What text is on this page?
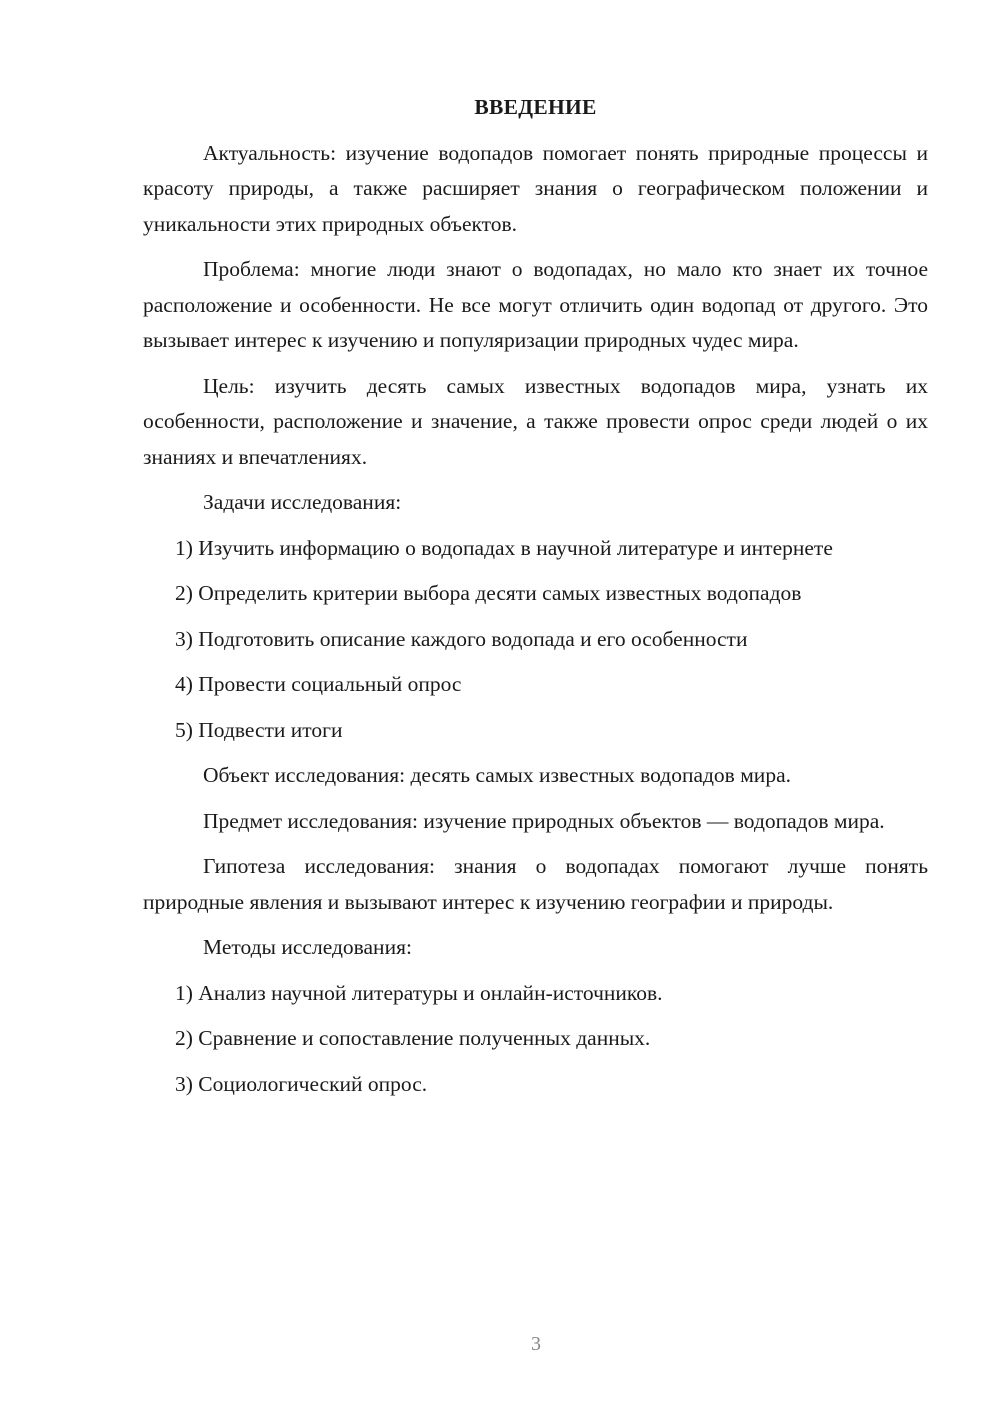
ВВЕДЕНИЕ

Актуальность: изучение водопадов помогает понять природные процессы и красоту природы, а также расширяет знания о географическом положении и уникальности этих природных объектов.

Проблема: многие люди знают о водопадах, но мало кто знает их точное расположение и особенности. Не все могут отличить один водопад от другого. Это вызывает интерес к изучению и популяризации природных чудес мира.

Цель: изучить десять самых известных водопадов мира, узнать их особенности, расположение и значение, а также провести опрос среди людей о их знаниях и впечатлениях.

Задачи исследования:

1) Изучить информацию о водопадах в научной литературе и интернете

2) Определить критерии выбора десяти самых известных водопадов

3) Подготовить описание каждого водопада и его особенности

4) Провести социальный опрос

5) Подвести итоги

Объект исследования: десять самых известных водопадов мира.

Предмет исследования: изучение природных объектов — водопадов мира.

Гипотеза исследования: знания о водопадах помогают лучше понять природные явления и вызывают интерес к изучению географии и природы.

Методы исследования:

1) Анализ научной литературы и онлайн-источников.

2) Сравнение и сопоставление полученных данных.

3) Социологический опрос.

3
